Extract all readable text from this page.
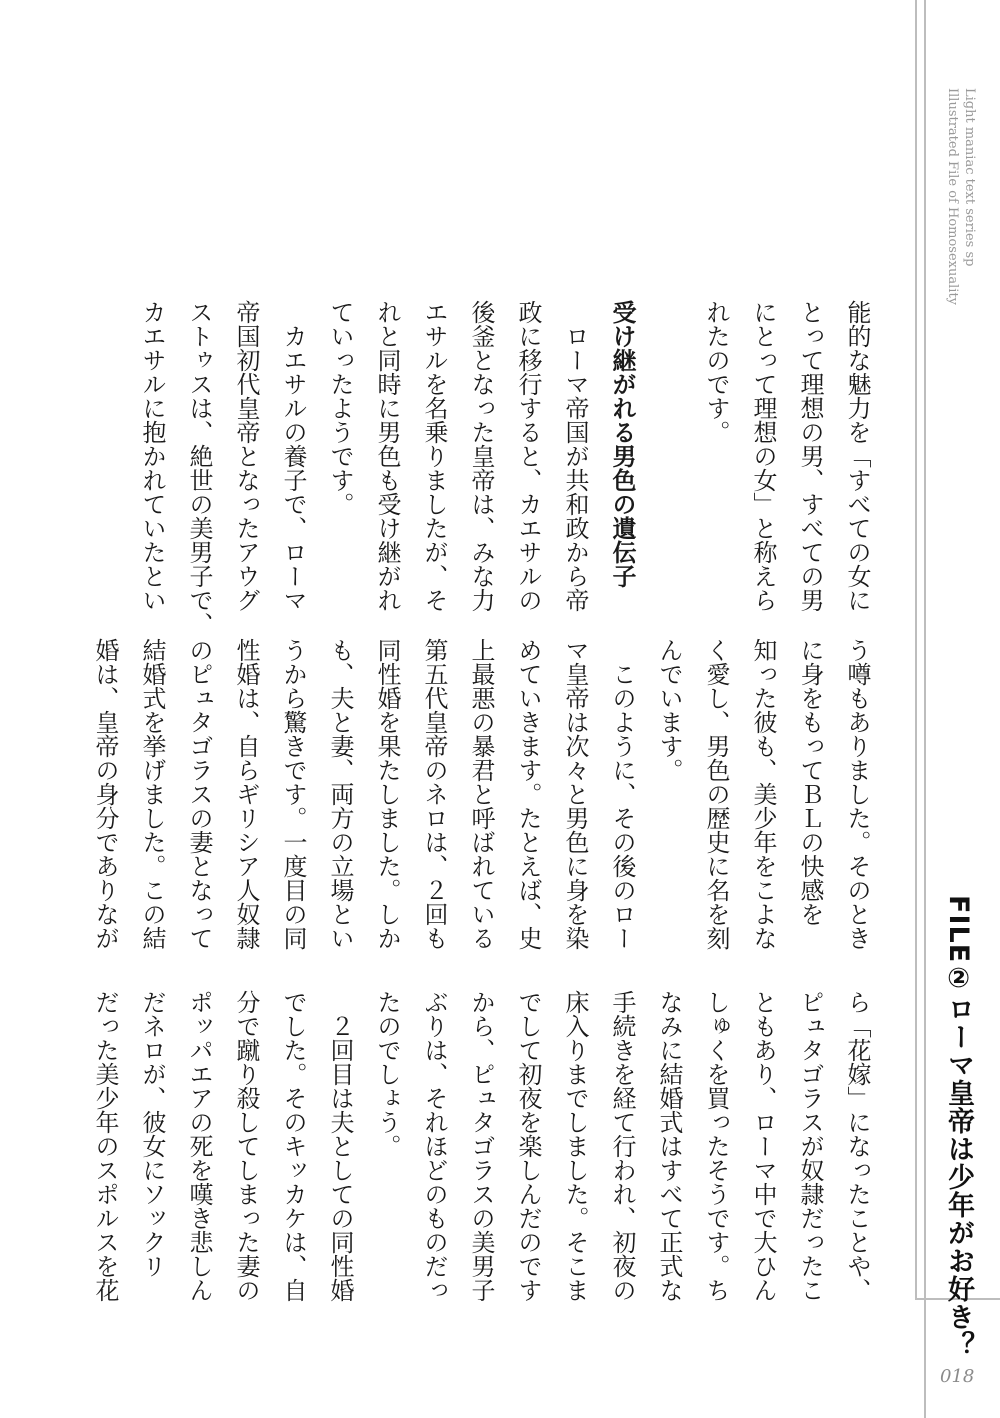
Light maniac text series sp
Illustrated File of Homosexuality
FILE②ローマ皇帝は少年がお好き？
018
能的な魅力を「すべての女に
とって理想の男、すべての男
にとって理想の女」と称えら
れたのです。

受け継がれる男色の遺伝子
　ローマ帝国が共和政から帝
政に移行すると、カエサルの
後釜となった皇帝は、みな力
エサルを名乗りましたが、そ
れと同時に男色も受け継がれ
ていったようです。
　カエサルの養子で、ローマ
帝国初代皇帝となったアウグ
ストゥスは、絶世の美男子で、
カエサルに抱かれていたとい
う噂もありました。そのとき
に身をもってＢＬの快感を
知った彼も、美少年をこよな
く愛し、男色の歴史に名を刻
んでいます。
　このように、その後のロー
マ皇帝は次々と男色に身を染
めていきます。たとえば、史
上最悪の暴君と呼ばれている
第五代皇帝のネロは、２回も
同性婚を果たしました。しか
も、夫と妻、両方の立場とい
うから驚きです。一度目の同
性婚は、自らギリシア人奴隷
のピュタゴラスの妻となって
結婚式を挙げました。この結
婚は、皇帝の身分でありなが
ら「花嫁」になったことや、
ピュタゴラスが奴隷だったこ
ともあり、ローマ中で大ひん
しゅくを買ったそうです。ち
なみに結婚式はすべて正式な
手続きを経て行われ、初夜の
床入りまでしました。そこま
でして初夜を楽しんだのです
から、ピュタゴラスの美男子
ぶりは、それほどのものだっ
たのでしょう。
　２回目は夫としての同性婚
でした。そのキッカケは、自
分で蹴り殺してしまった妻の
ポッパエアの死を嘆き悲しん
だネロが、彼女にソックリ
だった美少年のスポルスを花
